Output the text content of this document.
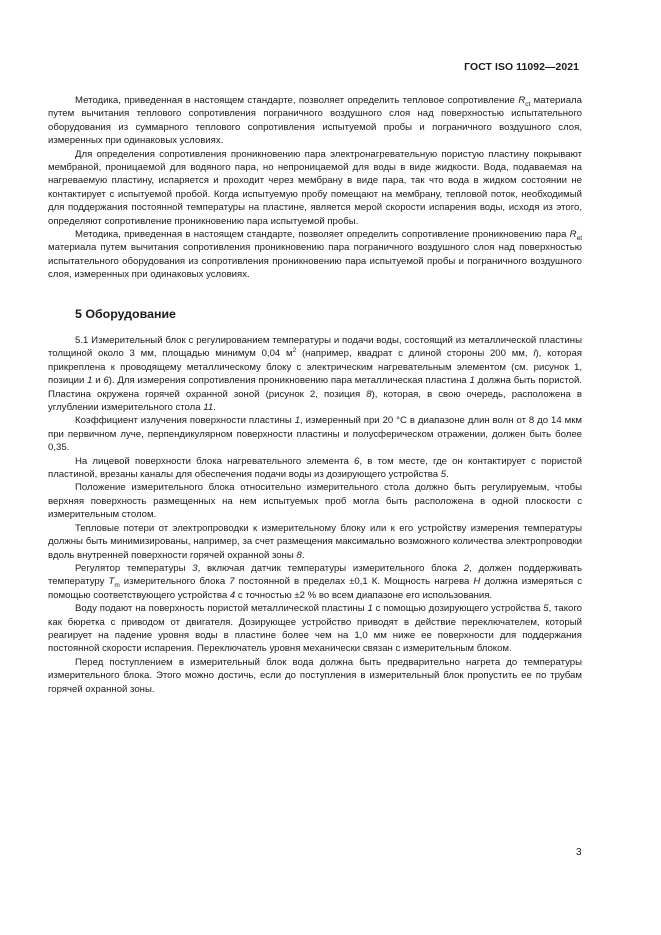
ГОСТ ISO 11092—2021

Методика, приведенная в настоящем стандарте, позволяет определить тепловое сопротивление $R_{ct}$ материала путем вычитания теплового сопротивления пограничного воздушного слоя над поверхностью испытательного оборудования из суммарного теплового сопротивления испытуемой пробы и пограничного воздушного слоя, измеренных при одинаковых условиях.

Для определения сопротивления проникновению пара электронагревательную пористую пластину покрывают мембраной, проницаемой для водяного пара, но непроницаемой для воды в виде жидкости. Вода, подаваемая на нагреваемую пластину, испаряется и проходит через мембрану в виде пара, так что вода в жидком состоянии не контактирует с испытуемой пробой. Когда испытуемую пробу помещают на мембрану, тепловой поток, необходимый для поддержания постоянной температуры на пластине, является мерой скорости испарения воды, исходя из этого, определяют сопротивление проникновению пара испытуемой пробы.

Методика, приведенная в настоящем стандарте, позволяет определить сопротивление проникновению пара $R_{et}$ материала путем вычитания сопротивления проникновению пара пограничного воздушного слоя над поверхностью испытательного оборудования из сопротивления проникновению пара испытуемой пробы и пограничного воздушного слоя, измеренных при одинаковых условиях.

5 Оборудование

5.1 Измерительный блок с регулированием температуры и подачи воды, состоящий из металлической пластины толщиной около 3 мм, площадью минимум 0,04 $м^2$ (например, квадрат с длиной стороны 200 мм, l), которая прикреплена к проводящему металлическому блоку с электрическим нагревательным элементом (см. рисунок 1, позиции 1 и 6). Для измерения сопротивления проникновению пара металлическая пластина 1 должна быть пористой. Пластина окружена горячей охранной зоной (рисунок 2, позиция 8), которая, в свою очередь, расположена в углублении измерительного стола 11.

Коэффициент излучения поверхности пластины 1, измеренный при 20 °С в диапазоне длин волн от 8 до 14 мкм при первичном луче, перпендикулярном поверхности пластины и полусферическом отражении, должен быть более 0,35.

На лицевой поверхности блока нагревательного элемента 6, в том месте, где он контактирует с пористой пластиной, врезаны каналы для обеспечения подачи воды из дозирующего устройства 5.

Положение измерительного блока относительно измерительного стола должно быть регулируемым, чтобы верхняя поверхность размещенных на нем испытуемых проб могла быть расположена в одной плоскости с измерительным столом.

Тепловые потери от электропроводки к измерительному блоку или к его устройству измерения температуры должны быть минимизированы, например, за счет размещения максимально возможного количества электропроводки вдоль внутренней поверхности горячей охранной зоны 8.

Регулятор температуры 3, включая датчик температуры измерительного блока 2, должен поддерживать температуру $T_m$ измерительного блока 7 постоянной в пределах ±0,1 К. Мощность нагрева H должна измеряться с помощью соответствующего устройства 4 с точностью ±2 % во всем диапазоне его использования.

Воду подают на поверхность пористой металлической пластины 1 с помощью дозирующего устройства 5, такого как бюретка с приводом от двигателя. Дозирующее устройство приводят в действие переключателем, который реагирует на падение уровня воды в пластине более чем на 1,0 мм ниже ее поверхности для поддержания постоянной скорости испарения. Переключатель уровня механически связан с измерительным блоком.

Перед поступлением в измерительный блок вода должна быть предварительно нагрета до температуры измерительного блока. Этого можно достичь, если до поступления в измерительный блок пропустить ее по трубам горячей охранной зоны.

3
